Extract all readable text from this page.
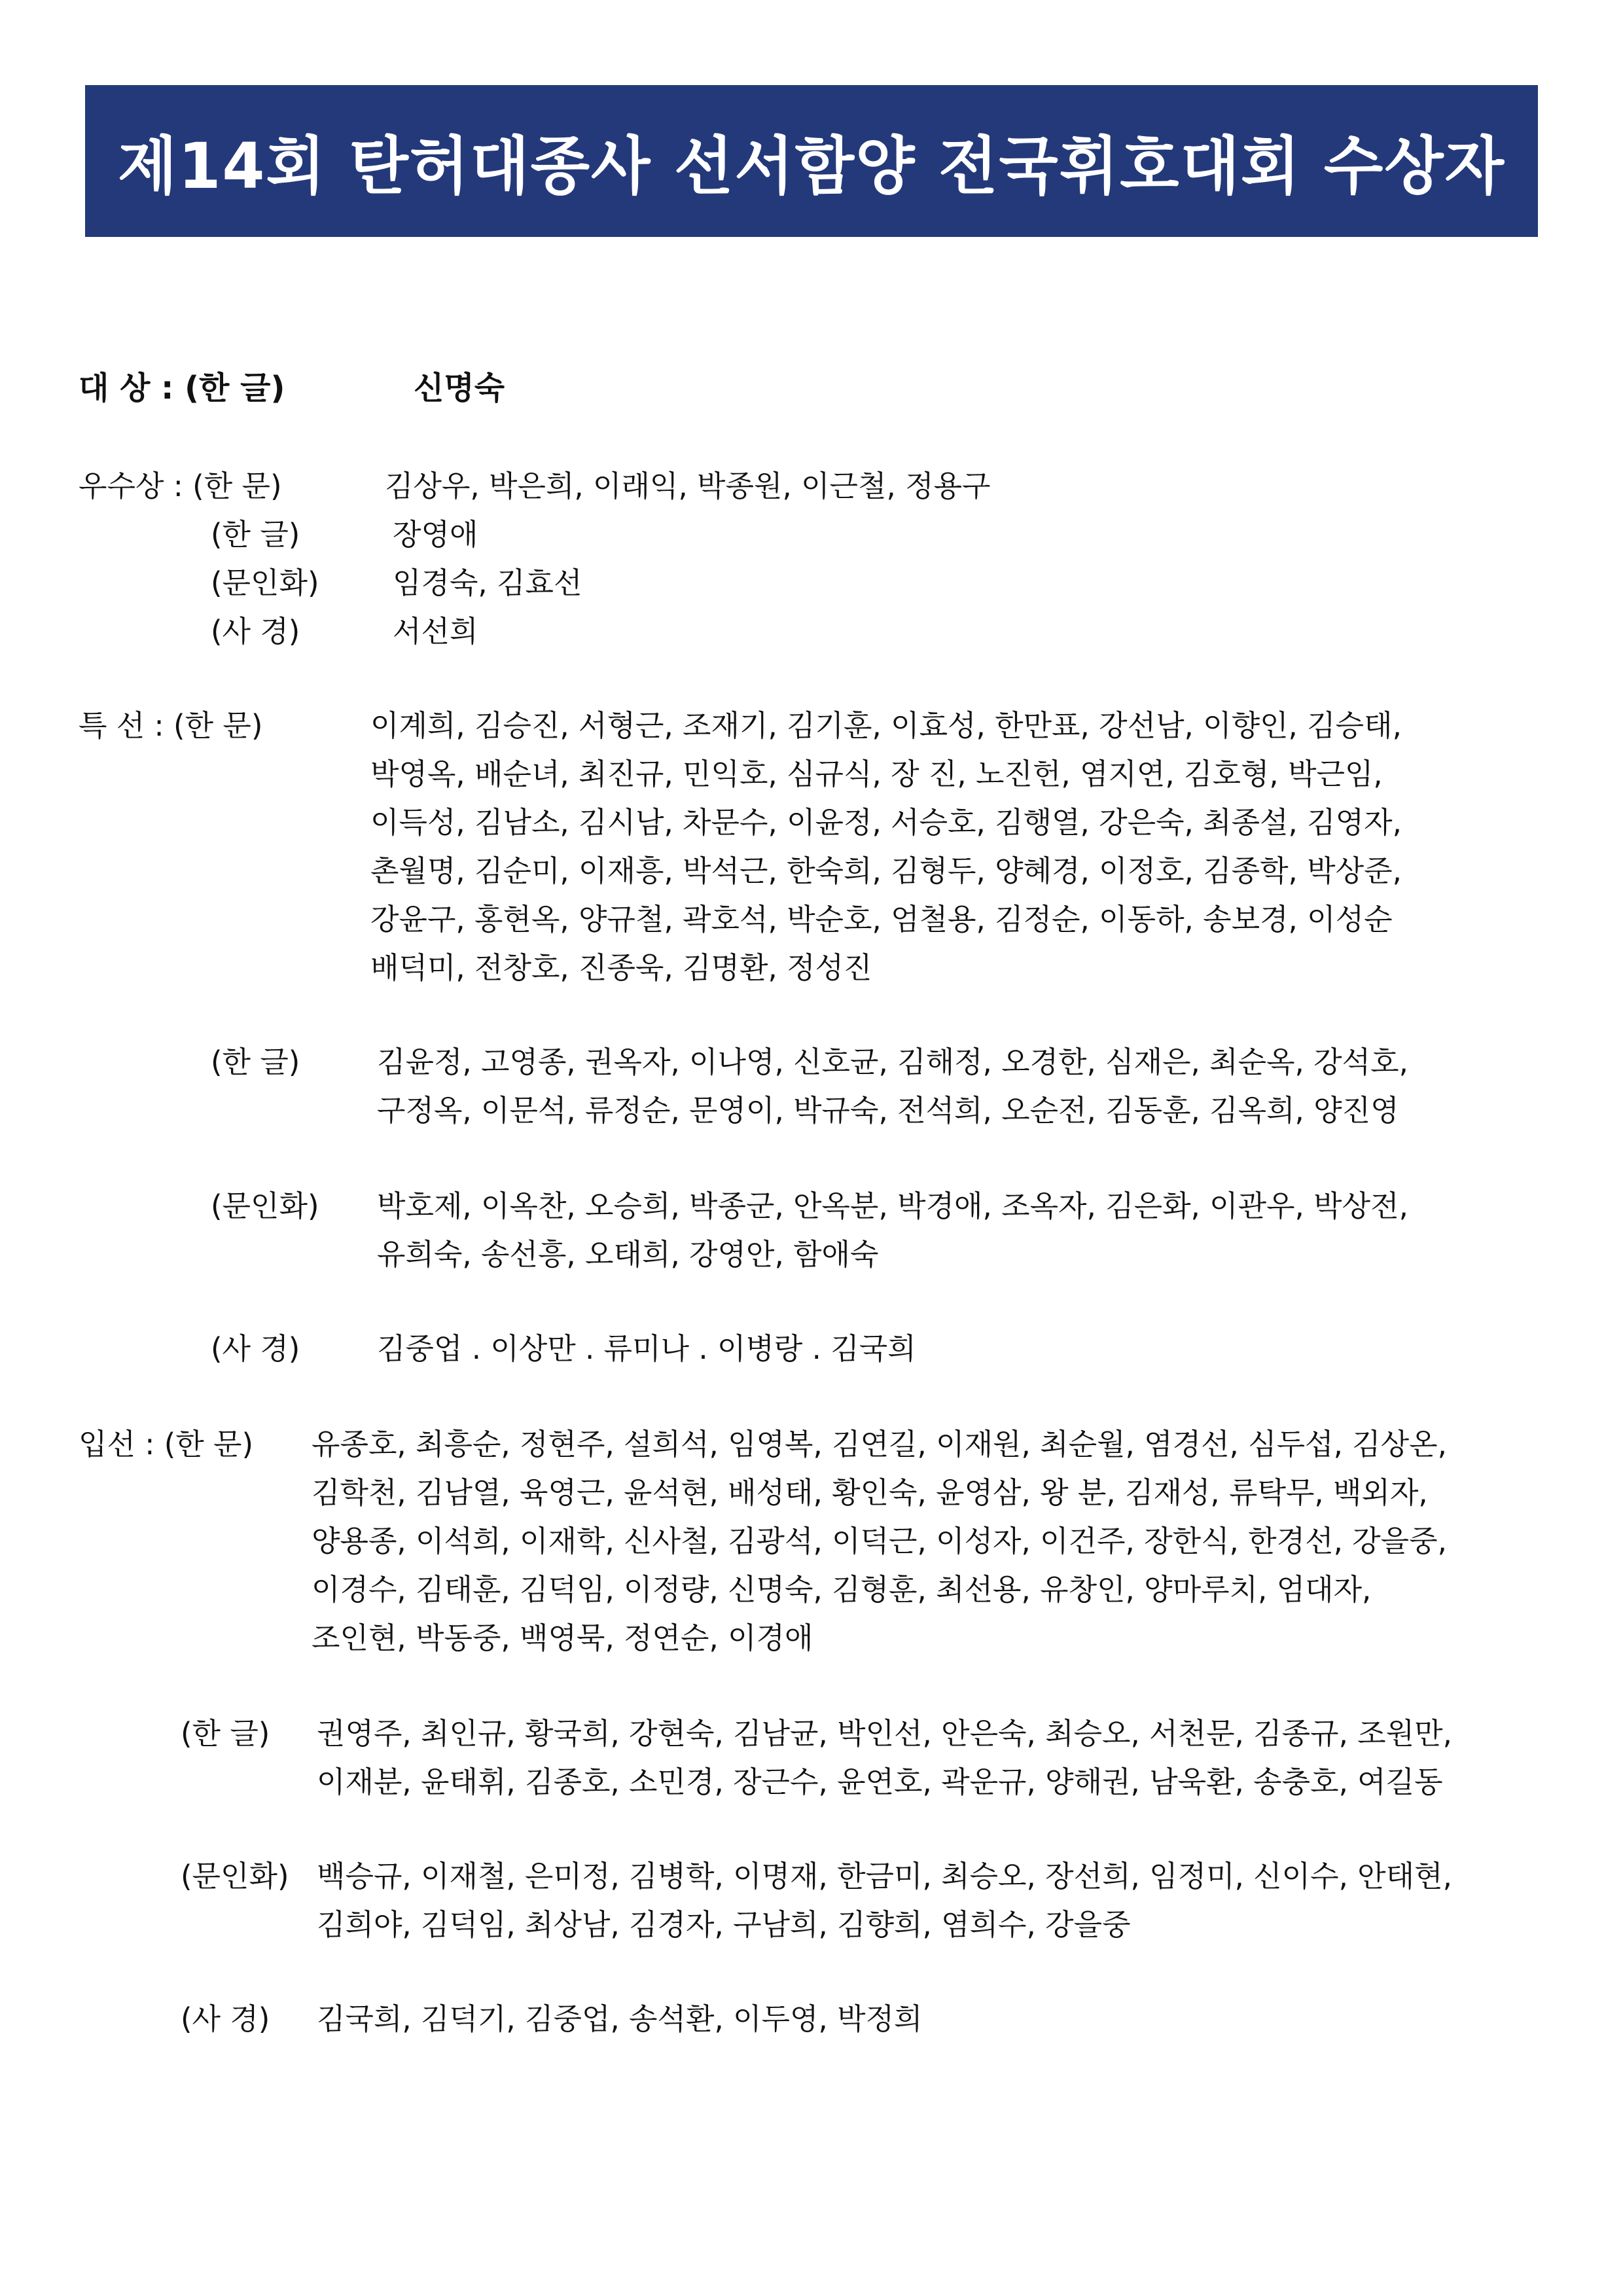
제14회 탄허대종사 선서함양 전국휘호대회 수상자
대 상 : (한 글)	신명숙
우수상 : (한 문)	김상우, 박은희, 이래익, 박종원, 이근철, 정용구
(한 글)	장영애
(문인화) 임경숙, 김효선
(사 경)	서선희
특 선 : (한 문)	이계희, 김승진, 서형근, 조재기, 김기훈, 이효성, 한만표, 강선남, 이향인, 김승태,
박영옥, 배순녀, 최진규, 민익호, 심규식, 장 진, 노진헌, 염지연, 김호형, 박근임,
이득성, 김남소, 김시남, 차문수, 이윤정, 서승호, 김행열, 강은숙, 최종설, 김영자,
촌월명, 김순미, 이재흥, 박석근, 한숙희, 김형두, 양혜경, 이정호, 김종학, 박상준,
강윤구, 홍현옥, 양규철, 곽호석, 박순호, 엄철용, 김정순, 이동하, 송보경, 이성순
배덕미, 전창호, 진종욱, 김명환, 정성진
(한 글)	김윤정, 고영종, 권옥자, 이나영, 신호균, 김해정, 오경한, 심재은, 최순옥, 강석호,
구정옥, 이문석, 류정순, 문영이, 박규숙, 전석희, 오순전, 김동훈, 김옥희, 양진영
(문인화) 박호제, 이옥찬, 오승희, 박종군, 안옥분, 박경애, 조옥자, 김은화, 이관우, 박상전,
유희숙, 송선흥, 오태희, 강영안, 함애숙
(사 경)	김중업 . 이상만 . 류미나 . 이병랑 . 김국희
입선 : (한 문) 유종호, 최흥순, 정현주, 설희석, 임영복, 김연길, 이재원, 최순월, 염경선, 심두섭, 김상온,
김학천, 김남열, 육영근, 윤석현, 배성태, 황인숙, 윤영삼, 왕 분, 김재성, 류탁무, 백외자,
양용종, 이석희, 이재학, 신사철, 김광석, 이덕근, 이성자, 이건주, 장한식, 한경선, 강을중,
이경수, 김태훈, 김덕임, 이정량, 신명숙, 김형훈, 최선용, 유창인, 양마루치, 엄대자,
조인현, 박동중, 백영묵, 정연순, 이경애
(한 글) 권영주, 최인규, 황국희, 강현숙, 김남균, 박인선, 안은숙, 최승오, 서천문, 김종규, 조원만,
이재분, 윤태휘, 김종호, 소민경, 장근수, 윤연호, 곽운규, 양해권, 남욱환, 송충호, 여길동
(문인화) 백승규, 이재철, 은미정, 김병학, 이명재, 한금미, 최승오, 장선희, 임정미, 신이수, 안태현,
김희야, 김덕임, 최상남, 김경자, 구남희, 김향희, 염희수, 강을중
(사 경) 김국희, 김덕기, 김중업, 송석환, 이두영, 박정희
